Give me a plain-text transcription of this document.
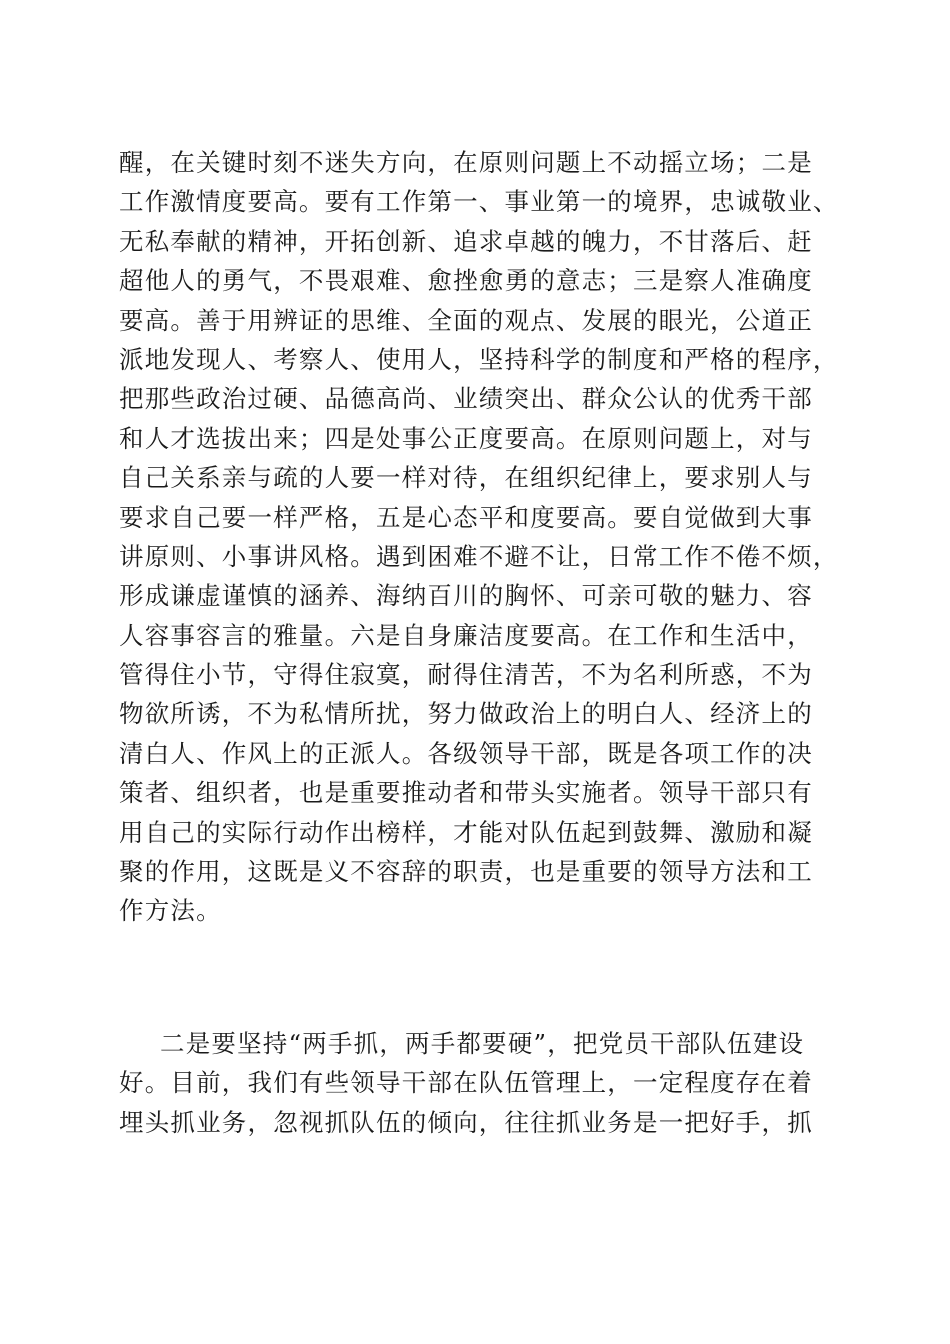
醒，在关键时刻不迷失方向，在原则问题上不动摇立场；二是
工作激情度要高。要有工作第一、事业第一的境界，忠诚敬业、
无私奉献的精神，开拓创新、追求卓越的魄力，不甘落后、赶
超他人的勇气，不畏艰难、愈挫愈勇的意志；三是察人准确度
要高。善于用辨证的思维、全面的观点、发展的眼光，公道正
派地发现人、考察人、使用人，坚持科学的制度和严格的程序，
把那些政治过硬、品德高尚、业绩突出、群众公认的优秀干部
和人才选拔出来；四是处事公正度要高。在原则问题上，对与
自己关系亲与疏的人要一样对待，在组织纪律上，要求别人与
要求自己要一样严格，五是心态平和度要高。要自觉做到大事
讲原则、小事讲风格。遇到困难不避不让，日常工作不倦不烦，
形成谦虚谨慎的涵养、海纳百川的胸怀、可亲可敬的魅力、容
人容事容言的雅量。六是自身廉洁度要高。在工作和生活中，
管得住小节，守得住寂寞，耐得住清苦，不为名利所惑，不为
物欲所诱，不为私情所扰，努力做政治上的明白人、经济上的
清白人、作风上的正派人。各级领导干部，既是各项工作的决
策者、组织者，也是重要推动者和带头实施者。领导干部只有
用自己的实际行动作出榜样，才能对队伍起到鼓舞、激励和凝
聚的作用，这既是义不容辞的职责，也是重要的领导方法和工
作方法。
二是要坚持“两手抓，两手都要硬”，把党员干部队伍建设
好。目前，我们有些领导干部在队伍管理上，一定程度存在着
埋头抓业务，忽视抓队伍的倾向，往往抓业务是一把好手，抓
